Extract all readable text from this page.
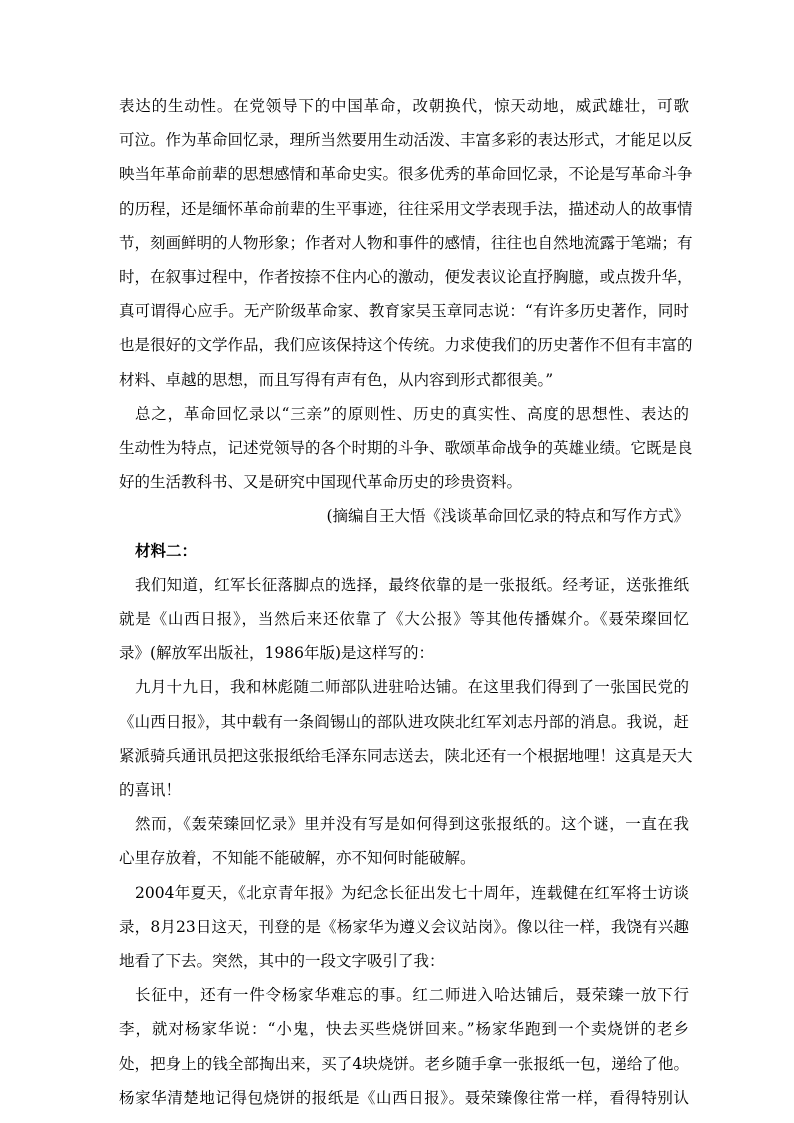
表达的生动性。在党领导下的中国革命，改朝换代，惊天动地，威武雄壮，可歌
可泣。作为革命回忆录，理所当然要用生动活泼、丰富多彩的表达形式，才能足以反
映当年革命前辈的思想感情和革命史实。很多优秀的革命回忆录，不论是写革命斗争
的历程，还是缅怀革命前辈的生平事迹，往往采用文学表现手法，描述动人的故事情
节，刻画鲜明的人物形象；作者对人物和事件的感情，往往也自然地流露于笔端；有
时，在叙事过程中，作者按捺不住内心的激动，便发表议论直抒胸臆，或点拨升华，
真可谓得心应手。无产阶级革命家、教育家吴玉章同志说：“有许多历史著作，同时
也是很好的文学作品，我们应该保持这个传统。力求使我们的历史著作不但有丰富的
材料、卓越的思想，而且写得有声有色，从内容到形式都很美。”
总之，革命回忆录以“三亲”的原则性、历史的真实性、高度的思想性、表达的
生动性为特点，记述党领导的各个时期的斗争、歌颂革命战争的英雄业绩。它既是良
好的生活教科书、又是研究中国现代革命历史的珍贵资料。
(摘编自王大悟《浅谈革命回忆录的特点和写作方式》
材料二：
我们知道，红军长征落脚点的选择，最终依靠的是一张报纸。经考证，送张推纸
就是《山西日报》，当然后来还依靠了《大公报》等其他传播媒介。《聂荣璨回忆
录》(解放军出版社，1986年版)是这样写的：
九月十九日，我和林彪随二师部队进驻哈达铺。在这里我们得到了一张国民党的
《山西日报》，其中载有一条阎锡山的部队进攻陕北红军刘志丹部的消息。我说，赶
紧派骑兵通讯员把这张报纸给毛泽东同志送去，陕北还有一个根据地哩！这真是天大
的喜讯！
然而，《轰荣臻回忆录》里并没有写是如何得到这张报纸的。这个谜，一直在我
心里存放着，不知能不能破解，亦不知何时能破解。
2004年夏天，《北京青年报》为纪念长征出发七十周年，连载健在红军将士访谈
录，8月23日这天，刊登的是《杨家华为遵义会议站岗》。像以往一样，我饶有兴趣
地看了下去。突然，其中的一段文字吸引了我：
长征中，还有一件令杨家华难忘的事。红二师进入哈达铺后，聂荣臻一放下行
李，就对杨家华说：“小鬼，快去买些烧饼回来。”杨家华跑到一个卖烧饼的老乡
处，把身上的钱全部掏出来，买了4块烧饼。老乡随手拿一张报纸一包，递给了他。
杨家华清楚地记得包烧饼的报纸是《山西日报》。聂荣臻像往常一样，看得特别认
